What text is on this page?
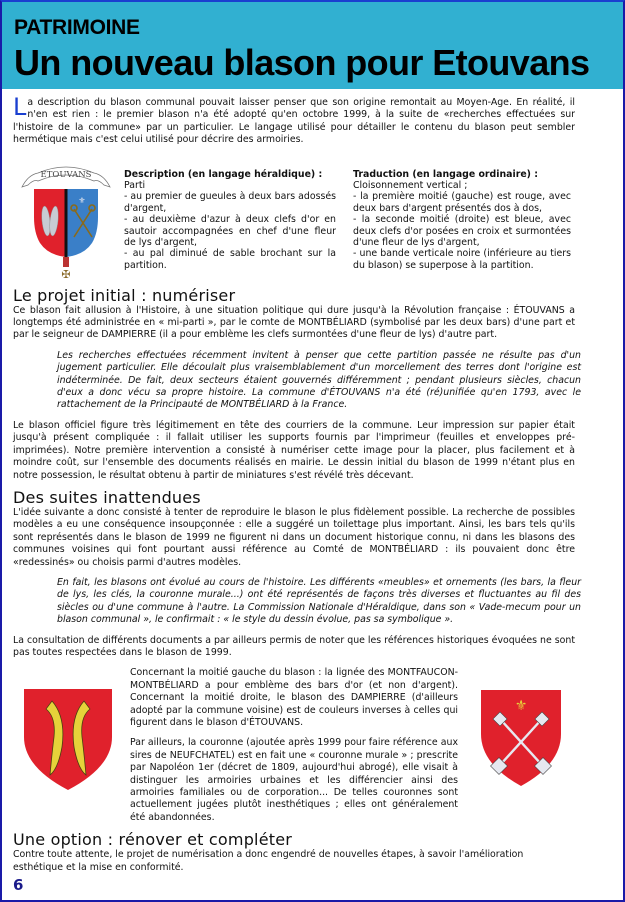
PATRIMOINE
Un nouveau blason pour Etouvans
La description du blason communal pouvait laisser penser que son origine remontait au Moyen-Age. En réalité, il n'en est rien : le premier blason n'a été adopté qu'en octobre 1999, à la suite de «recherches effectuées sur l'histoire de la commune» par un particulier. Le langage utilisé pour détailler le contenu du blason peut sembler hermétique mais c'est celui utilisé pour décrire des armoiries.
ETOUVANS
⚜
✠
Description (en langage héraldique) :
Parti
- au premier de gueules à deux bars adossés d'argent,
- au deuxième d'azur à deux clefs d'or en sautoir accompagnées en chef d'une fleur de lys d'argent,
- au pal diminué de sable brochant sur la partition.
Traduction (en langage ordinaire) :
Cloisonnement vertical ;
- la première moitié (gauche) est rouge, avec deux bars d'argent présentés dos à dos,
- la seconde moitié (droite) est bleue, avec deux clefs d'or posées en croix et surmontées d'une fleur de lys d'argent,
- une bande verticale noire (inférieure au tiers du blason) se superpose à la partition.
Le projet initial : numériser
Ce blason fait allusion à l'Histoire, à une situation politique qui dure jusqu'à la Révolution française : ÉTOUVANS a longtemps été administrée en « mi-parti », par le comte de MONTBÉLIARD (symbolisé par les deux bars) d'une part et par le seigneur de DAMPIERRE (il a pour emblème les clefs surmontées d'une fleur de lys) d'autre part.
Les recherches effectuées récemment invitent à penser que cette partition passée ne résulte pas d'un jugement particulier. Elle découlait plus vraisemblablement d'un morcellement des terres dont l'origine est indéterminée. De fait, deux secteurs étaient gouvernés différemment ; pendant plusieurs siècles, chacun d'eux a donc vécu sa propre histoire. La commune d'ÉTOUVANS n'a été (ré)unifiée qu'en 1793, avec le rattachement de la Principauté de MONTBÉLIARD à la France.
Le blason officiel figure très légitimement en tête des courriers de la commune. Leur impression sur papier était jusqu'à présent compliquée : il fallait utiliser les supports fournis par l'imprimeur (feuilles et enveloppes pré-imprimées). Notre première intervention a consisté à numériser cette image pour la placer, plus facilement et à moindre coût, sur l'ensemble des documents réalisés en mairie. Le dessin initial du blason de 1999 n'étant plus en notre possession, le résultat obtenu à partir de miniatures s'est révélé très décevant.
Des suites inattendues
L'idée suivante a donc consisté à tenter de reproduire le blason le plus fidèlement possible. La recherche de possibles modèles a eu une conséquence insoupçonnée : elle a suggéré un toilettage plus important. Ainsi, les bars tels qu'ils sont représentés dans le blason de 1999 ne figurent ni dans un document historique connu, ni dans les blasons des communes voisines qui font pourtant aussi référence au Comté de MONTBÉLIARD : ils pouvaient donc être «redessinés» ou choisis parmi d'autres modèles.
En fait, les blasons ont évolué au cours de l'histoire. Les différents «meubles» et ornements (les bars, la fleur de lys, les clés, la couronne murale...) ont été représentés de façons très diverses et fluctuantes au fil des siècles ou d'une commune à l'autre. La Commission Nationale d'Héraldique, dans son « Vade-mecum pour un blason communal », le confirmait : « le style du dessin évolue, pas sa symbolique ».
La consultation de différents documents a par ailleurs permis de noter que les références historiques évoquées ne sont pas toutes respectées dans le blason de 1999.
Concernant la moitié gauche du blason : la lignée des MONTFAUCON-MONTBÉLIARD a pour emblème des bars d'or (et non d'argent). Concernant la moitié droite, le blason des DAMPIERRE (d'ailleurs adopté par la commune voisine) est de couleurs inverses à celles qui figurent dans le blason d'ÉTOUVANS.
Par ailleurs, la couronne (ajoutée après 1999 pour faire référence aux sires de NEUFCHATEL) est en fait une « couronne murale » ; prescrite par Napoléon 1er (décret de 1809, aujourd'hui abrogé), elle visait à distinguer les armoiries urbaines et les différencier ainsi des armoiries familiales ou de corporation... De telles couronnes sont actuellement jugées plutôt inesthétiques ; elles ont généralement été abandonnées.
⚜
Une option : rénover et compléter
Contre toute attente, le projet de numérisation a donc engendré de nouvelles étapes, à savoir l'amélioration esthétique et la mise en conformité.
6
